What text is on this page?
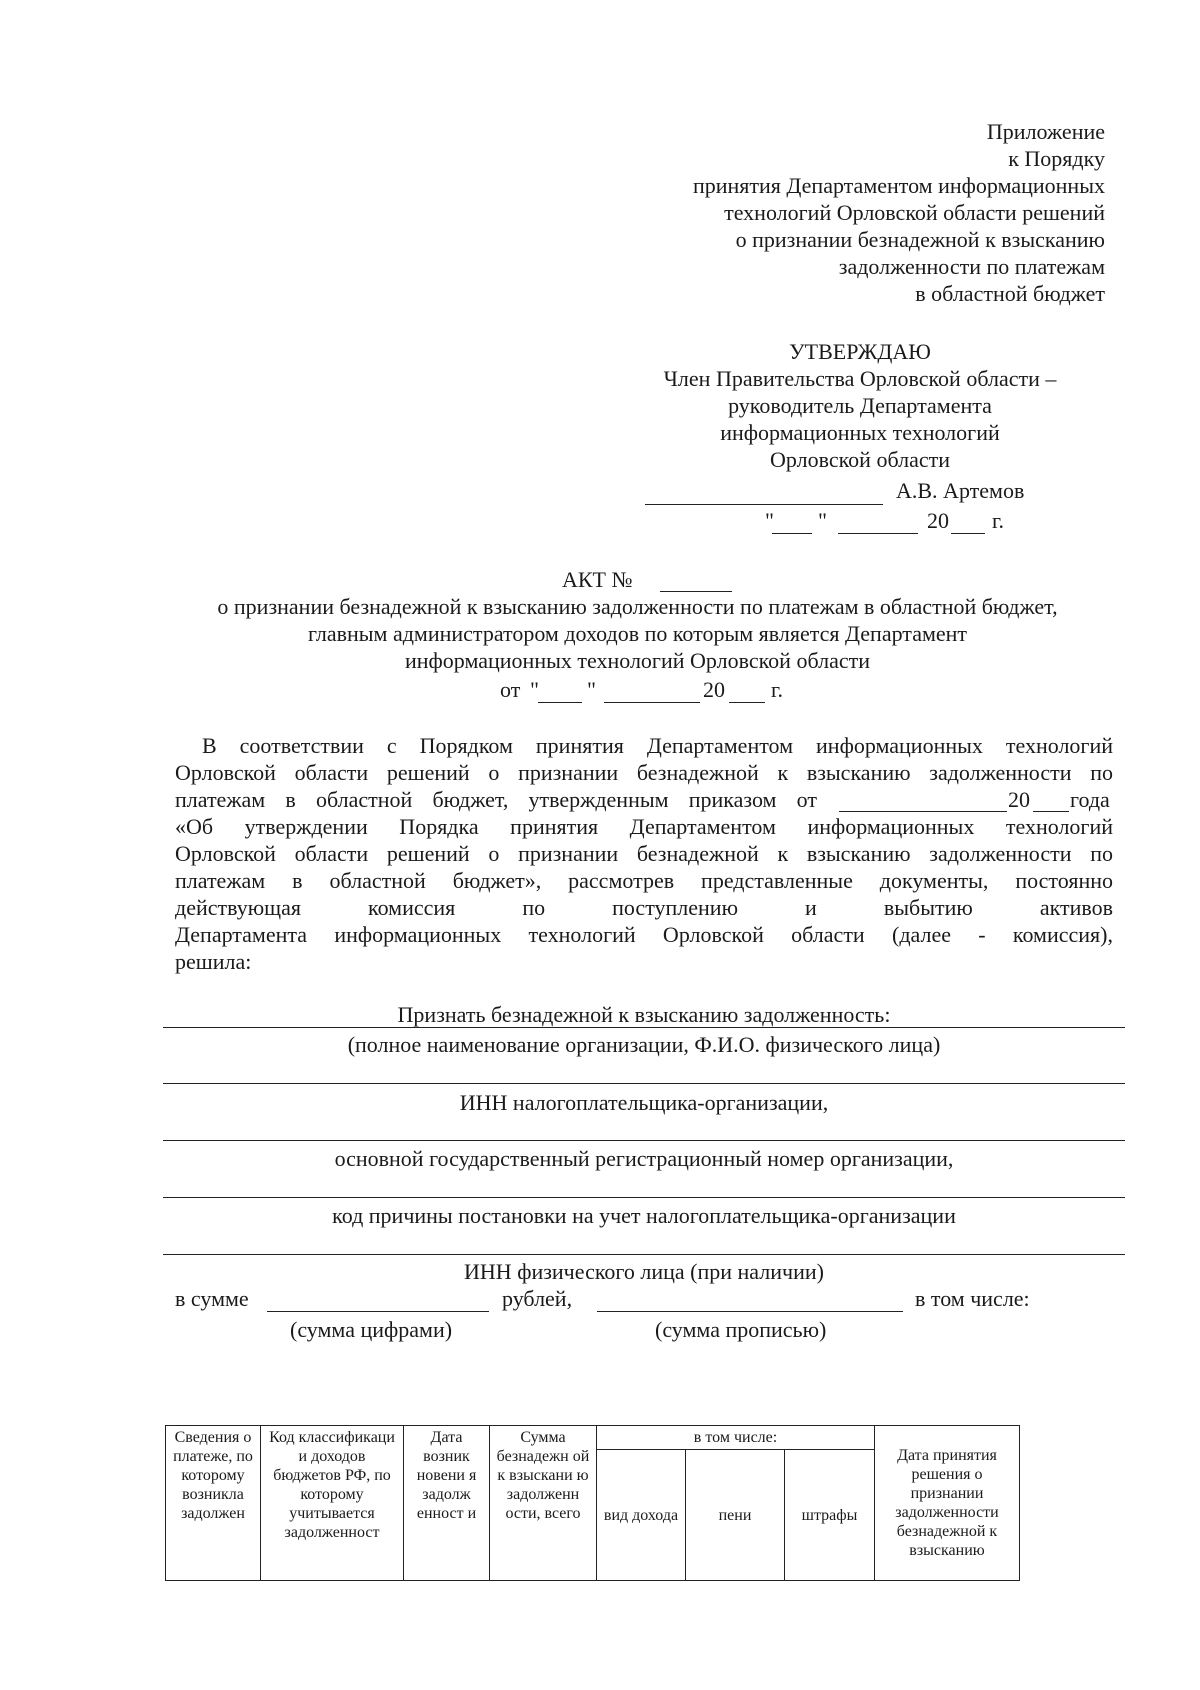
Приложение
к Порядку
принятия Департаментом информационных
технологий Орловской области решений
о признании безнадежной к взысканию
задолженности по платежам
в областной бюджет
УТВЕРЖДАЮ
Член Правительства Орловской области –
руководитель Департамента
информационных технологий
Орловской области
А.В. Артемов
" "	20 г.
АКТ №
о признании безнадежной к взысканию задолженности по платежам в областной бюджет,
главным администратором доходов по которым является Департамент
информационных технологий Орловской области
от " "	20 г.
В соответствии с Порядком принятия Департаментом информационных технологий
Орловской области решений о признании безнадежной к взысканию задолженности по
платежам в областной бюджет, утвержденным приказом от	20 года
«Об утверждении Порядка принятия Департаментом информационных технологий
Орловской области решений о признании безнадежной к взысканию задолженности по
платежам в областной бюджет», рассмотрев представленные документы, постоянно
действующая комиссия по поступлению и выбытию активов
Департамента информационных технологий Орловской области (далее - комиссия),
решила:
Признать безнадежной к взысканию задолженность:
(полное наименование организации, Ф.И.О. физического лица)
ИНН налогоплательщика-организации,
основной государственный регистрационный номер организации,
код причины постановки на учет налогоплательщика-организации
ИНН физического лица (при наличии)
в сумме	рублей,	в том числе:
(сумма цифрами)	(сумма прописью)
Сведения о платеже, по которому возникла задолжен	Код классификаци и доходов бюджетов РФ, по которому учитывается задолженност	Дата возник новени я задолж енност и	Сумма безнадежн ой к взыскани ю задолженн ости, всего	в том числе:			Дата принятия решения о признании задолженности безнадежной к взысканию
				вид дохода	пени	штрафы	
